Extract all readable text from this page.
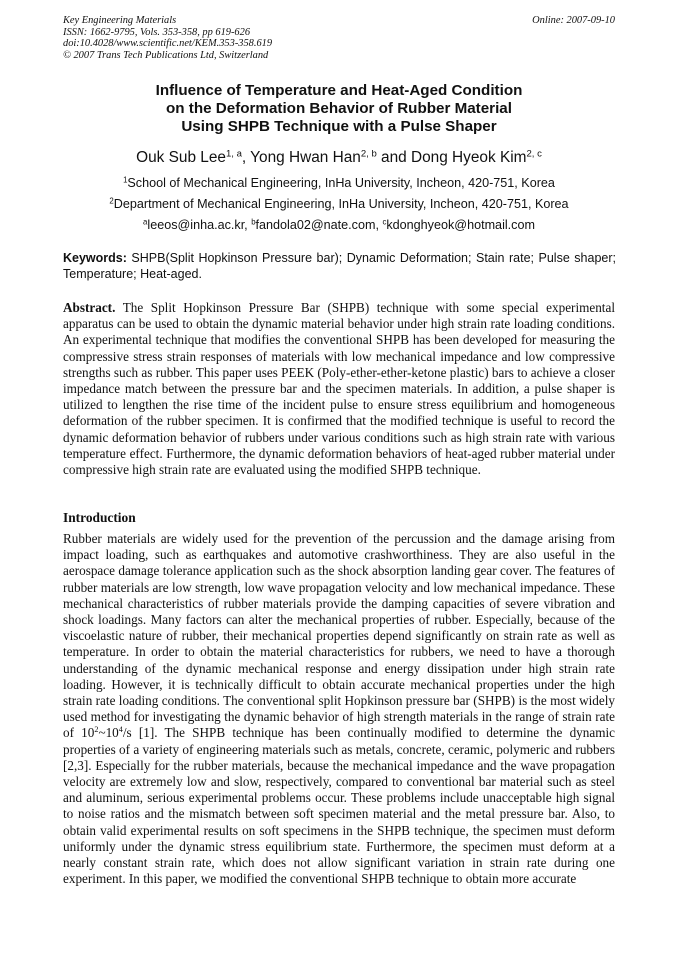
Key Engineering Materials
ISSN: 1662-9795, Vols. 353-358, pp 619-626
doi:10.4028/www.scientific.net/KEM.353-358.619
© 2007 Trans Tech Publications Ltd, Switzerland
Online: 2007-09-10
Influence of Temperature and Heat-Aged Condition
on the Deformation Behavior of Rubber Material
Using SHPB Technique with a Pulse Shaper
Ouk Sub Lee$^{1, a}$, Yong Hwan Han$^{2, b}$ and Dong Hyeok Kim$^{2, c}$
$^1$School of Mechanical Engineering, InHa University, Incheon, 420-751, Korea
$^2$Department of Mechanical Engineering, InHa University, Incheon, 420-751, Korea
$^a$leeos@inha.ac.kr, $^b$fandola02@nate.com, $^c$kdonghyeok@hotmail.com
Keywords: SHPB(Split Hopkinson Pressure bar); Dynamic Deformation; Stain rate; Pulse shaper; Temperature; Heat-aged.
Abstract. The Split Hopkinson Pressure Bar (SHPB) technique with some special experimental apparatus can be used to obtain the dynamic material behavior under high strain rate loading conditions. An experimental technique that modifies the conventional SHPB has been developed for measuring the compressive stress strain responses of materials with low mechanical impedance and low compressive strengths such as rubber. This paper uses PEEK (Poly-ether-ether-ketone plastic) bars to achieve a closer impedance match between the pressure bar and the specimen materials. In addition, a pulse shaper is utilized to lengthen the rise time of the incident pulse to ensure stress equilibrium and homogeneous deformation of the rubber specimen. It is confirmed that the modified technique is useful to record the dynamic deformation behavior of rubbers under various conditions such as high strain rate with various temperature effect. Furthermore, the dynamic deformation behaviors of heat-aged rubber material under compressive high strain rate are evaluated using the modified SHPB technique.
Introduction
Rubber materials are widely used for the prevention of the percussion and the damage arising from impact loading, such as earthquakes and automotive crashworthiness. They are also useful in the aerospace damage tolerance application such as the shock absorption landing gear cover. The features of rubber materials are low strength, low wave propagation velocity and low mechanical impedance. These mechanical characteristics of rubber materials provide the damping capacities of severe vibration and shock loadings. Many factors can alter the mechanical properties of rubber. Especially, because of the viscoelastic nature of rubber, their mechanical properties depend significantly on strain rate as well as temperature. In order to obtain the material characteristics for rubbers, we need to have a thorough understanding of the dynamic mechanical response and energy dissipation under high strain rate loading. However, it is technically difficult to obtain accurate mechanical properties under the high strain rate loading conditions. The conventional split Hopkinson pressure bar (SHPB) is the most widely used method for investigating the dynamic behavior of high strength materials in the range of strain rate of $10^2\sim 10^4/s$ [1]. The SHPB technique has been continually modified to determine the dynamic properties of a variety of engineering materials such as metals, concrete, ceramic, polymeric and rubbers [2,3]. Especially for the rubber materials, because the mechanical impedance and the wave propagation velocity are extremely low and slow, respectively, compared to conventional bar material such as steel and aluminum, serious experimental problems occur. These problems include unacceptable high signal to noise ratios and the mismatch between soft specimen material and the metal pressure bar. Also, to obtain valid experimental results on soft specimens in the SHPB technique, the specimen must deform uniformly under the dynamic stress equilibrium state. Furthermore, the specimen must deform at a nearly constant strain rate, which does not allow significant variation in strain rate during one experiment. In this paper, we modified the conventional SHPB technique to obtain more accurate
